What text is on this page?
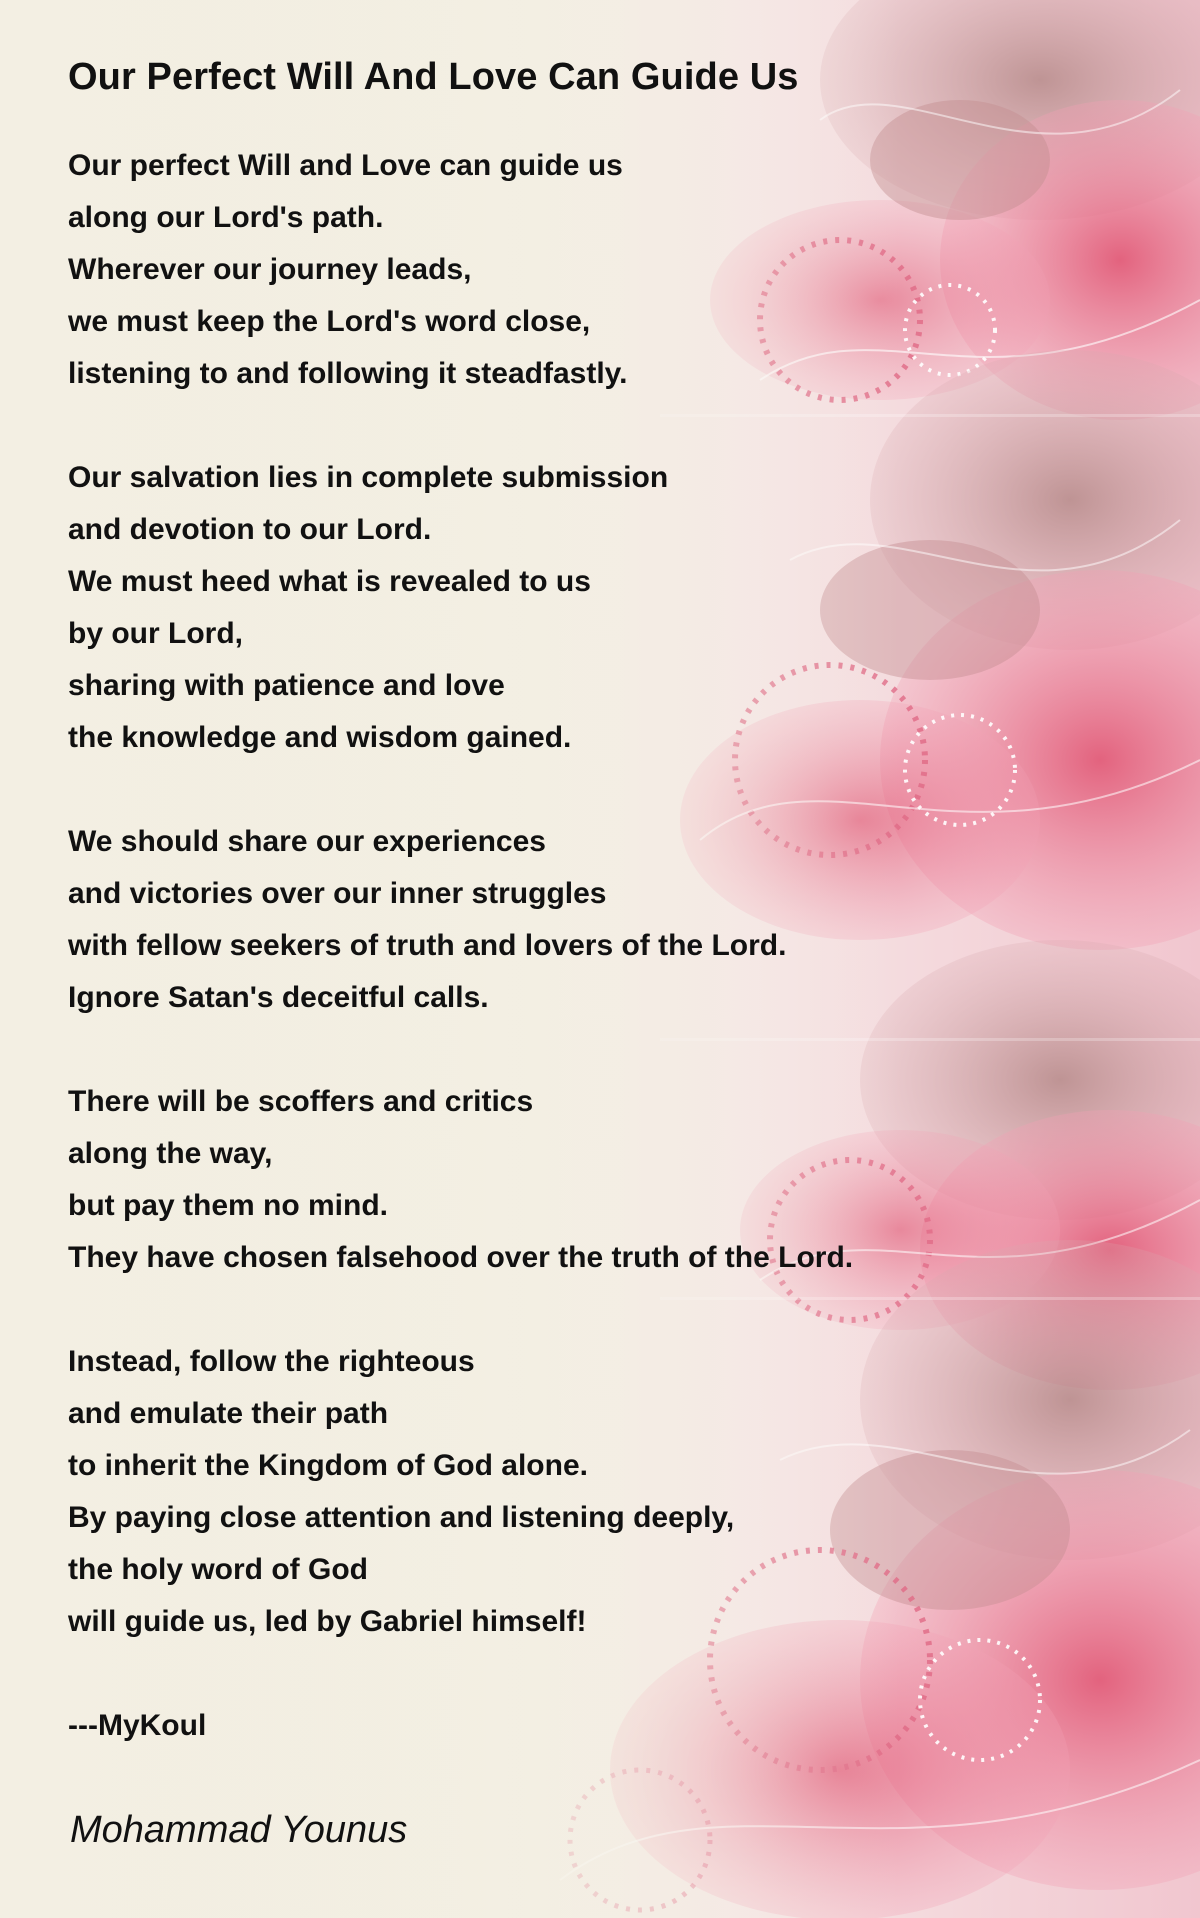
Our Perfect Will And Love Can Guide Us
Our perfect Will and Love can guide us
along our Lord's path.
Wherever our journey leads,
we must keep the Lord's word close,
listening to and following it steadfastly.
Our salvation lies in complete submission
and devotion to our Lord.
We must heed what is revealed to us
by our Lord,
sharing with patience and love
the knowledge and wisdom gained.
We should share our experiences
and victories over our inner struggles
with fellow seekers of truth and lovers of the Lord.
Ignore Satan's deceitful calls.
There will be scoffers and critics
along the way,
but pay them no mind.
They have chosen falsehood over the truth of the Lord.
Instead, follow the righteous
and emulate their path
to inherit the Kingdom of God alone.
By paying close attention and listening deeply,
the holy word of God
will guide us, led by Gabriel himself!
---MyKoul
Mohammad Younus
